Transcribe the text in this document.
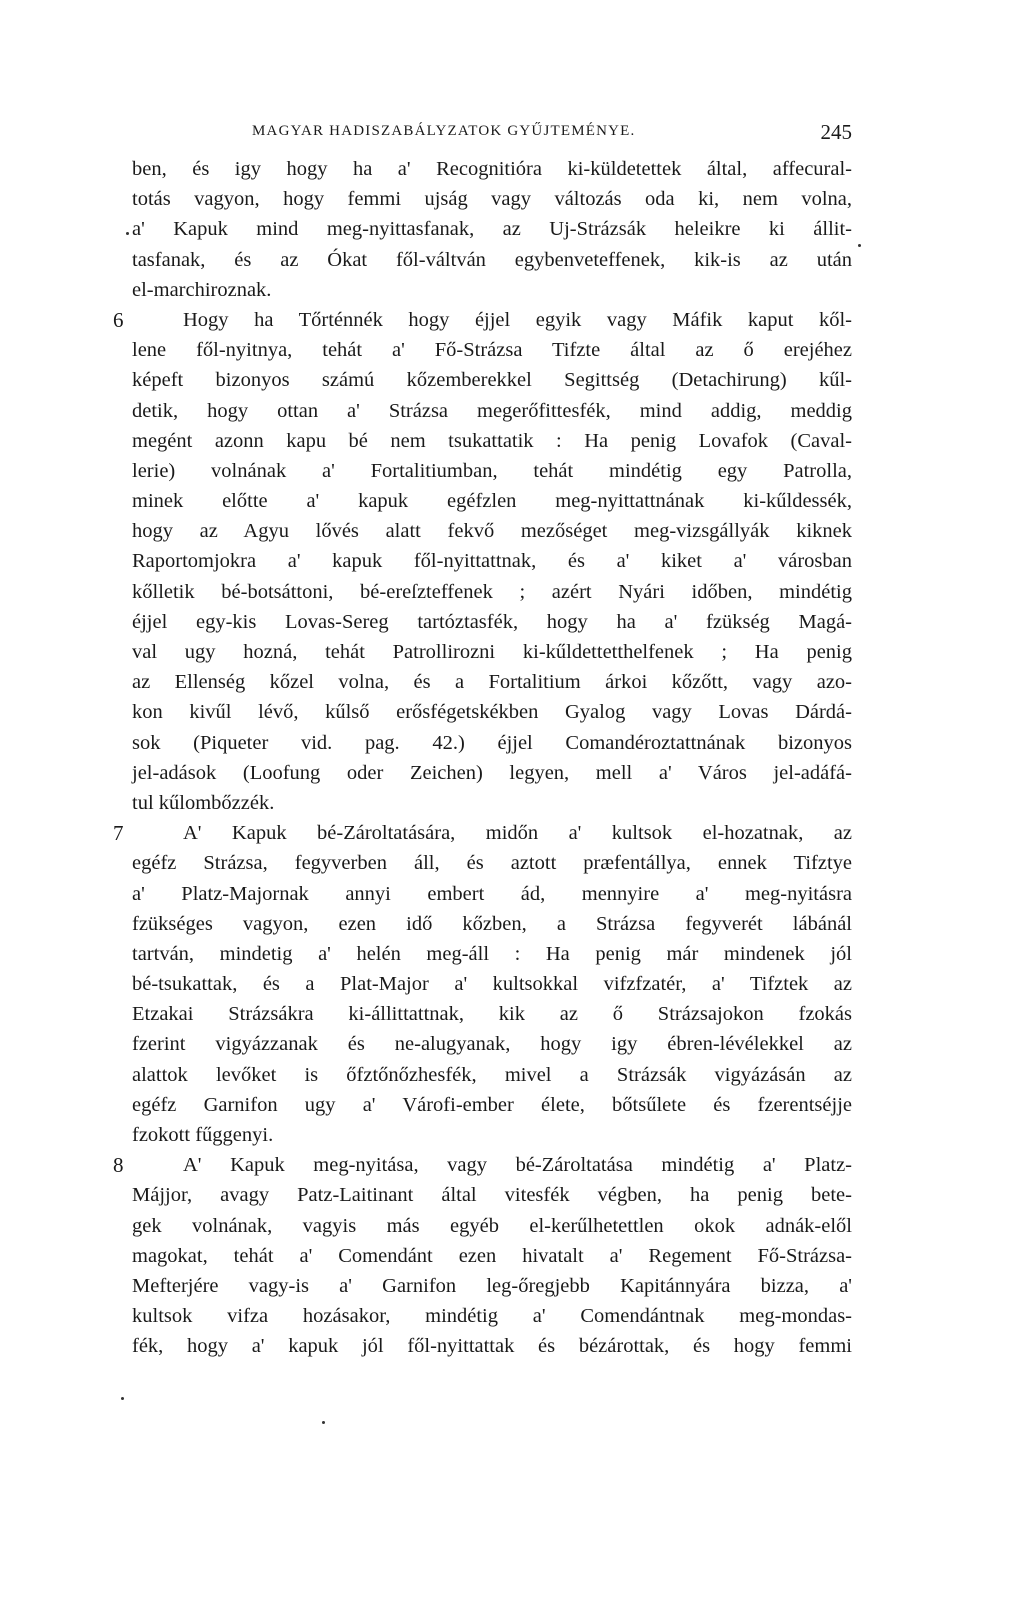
MAGYAR HADISZABÁLYZATOK GYŰJTEMÉNYE.	245
ben, és igy hogy ha a' Recognitióra ki-küldetettek által, affecural-
totás vagyon, hogy femmi ujság vagy változás oda ki, nem volna,
a' Kapuk mind meg-nyittasfanak, az Uj-Strázsák heleikre ki állit-
tasfanak, és az Ókat fől-váltván egybenveteffenek, kik-is az után
el-marchiroznak.
6	Hogy ha Tőrténnék hogy éjjel egyik vagy Máfik kaput kől-
lene fől-nyitnya, tehát a' Fő-Strázsa Tifzte által az ő erejéhez
képeft bizonyos számú kőzemberekkel Segittség (Detachirung) kűl-
detik, hogy ottan a' Strázsa megerőfittesfék, mind addig, meddig
megént azonn kapu bé nem tsukattatik : Ha penig Lovafok (Caval-
lerie) volnának a' Fortalitiumban, tehát mindétig egy Patrolla,
minek előtte a' kapuk egéfzlen meg-nyittattnának ki-kűldessék,
hogy az Agyu lővés alatt fekvő mezőséget meg-vizsgállyák kiknek
Raportomjokra a' kapuk fől-nyittattnak, és a' kiket a' városban
kőlletik bé-botsáttoni, bé-ereſzteffenek ; azért Nyári időben, mindétig
éjjel egy-kis Lovas-Sereg tartóztasfék, hogy ha a' fzükség Magá-
val ugy hozná, tehát Patrollirozni ki-kűldettetthelfenek ; Ha penig
az Ellenség kőzel volna, és a Fortalitium árkoi kőzőtt, vagy azo-
kon kivűl lévő, kűlső erősfégetskékben Gyalog vagy Lovas Dárdá-
sok (Piqueter vid. pag. 42.) éjjel Comandéroztattnának bizonyos
jel-adások (Loofung oder Zeichen) legyen, mell a' Város jel-adáfá-
tul kűlombőzzék.
7	A' Kapuk bé-Zároltatására, midőn a' kultsok el-hozatnak, az
egéfz Strázsa, fegyverben áll, és aztott præfentállya, ennek Tifztye
a' Platz-Majornak annyi embert ád, mennyire a' meg-nyitásra
fzükséges vagyon, ezen idő kőzben, a Strázsa fegyverét lábánál
tartván, mindetig a' helén meg-áll : Ha penig már mindenek jól
bé-tsukattak, és a Plat-Major a' kultsokkal vifzfzatér, a' Tifztek az
Etzakai Strázsákra ki-állittattnak, kik az ő Strázsajokon fzokás
fzerint vigyázzanak és ne-alugyanak, hogy igy ébren-lévélekkel az
alattok levőket is őfztőnőzhesfék, mivel a Strázsák vigyázásán az
egéfz Garnifon ugy a' Várofi-ember élete, bőtsűlete és fzerentséjje
fzokott fűggenyi.
8	A' Kapuk meg-nyitása, vagy bé-Zároltatása mindétig a' Platz-
Májjor, avagy Patz-Laitinant által vitesfék végben, ha penig bete-
gek volnának, vagyis más egyéb el-kerűlhetettlen okok adnák-elől
magokat, tehát a' Comendánt ezen hivatalt a' Regement Fő-Strázsa-
Mefterjére vagy-is a' Garnifon leg-őregjebb Kapitánnyára bizza, a'
kultsok vifza hozásakor, mindétig a' Comendántnak meg-mondas-
fék, hogy a' kapuk jól fől-nyittattak és bézárottak, és hogy femmi
